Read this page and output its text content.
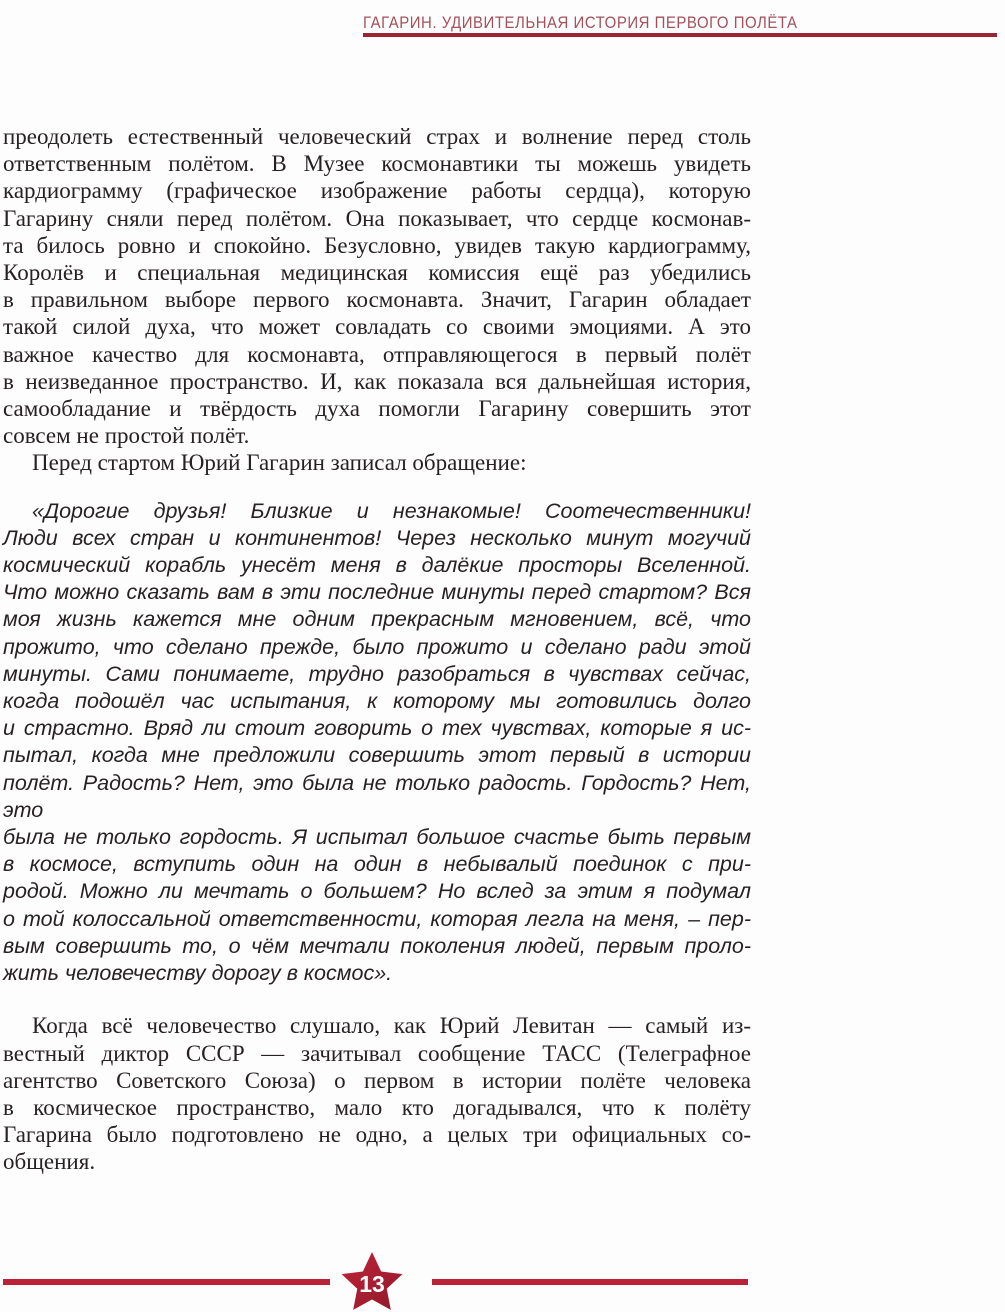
ГАГАРИН. УДИВИТЕЛЬНАЯ ИСТОРИЯ ПЕРВОГО ПОЛЁТА
преодолеть естественный человеческий страх и волнение перед столь
ответственным полётом. В Музее космонавтики ты можешь увидеть
кардиограмму (графическое изображение работы сердца), которую
Гагарину сняли перед полётом. Она показывает, что сердце космонав-
та билось ровно и спокойно. Безусловно, увидев такую кардиограмму,
Королёв и специальная медицинская комиссия ещё раз убедились
в правильном выборе первого космонавта. Значит, Гагарин обладает
такой силой духа, что может совладать со своими эмоциями. А это
важное качество для космонавта, отправляющегося в первый полёт
в неизведанное пространство. И, как показала вся дальнейшая история,
самообладание и твёрдость духа помогли Гагарину совершить этот
совсем не простой полёт.
Перед стартом Юрий Гагарин записал обращение:
«Дорогие друзья! Близкие и незнакомые! Соотечественники!
Люди всех стран и континентов! Через несколько минут могучий
космический корабль унесёт меня в далёкие просторы Вселенной.
Что можно сказать вам в эти последние минуты перед стартом? Вся
моя жизнь кажется мне одним прекрасным мгновением, всё, что
прожито, что сделано прежде, было прожито и сделано ради этой
минуты. Сами понимаете, трудно разобраться в чувствах сейчас,
когда подошёл час испытания, к которому мы готовились долго
и страстно. Вряд ли стоит говорить о тех чувствах, которые я ис-
пытал, когда мне предложили совершить этот первый в истории
полёт. Радость? Нет, это была не только радость. Гордость? Нет, это
была не только гордость. Я испытал большое счастье быть первым
в космосе, вступить один на один в небывалый поединок с при-
родой. Можно ли мечтать о большем? Но вслед за этим я подумал
о той колоссальной ответственности, которая легла на меня, – пер-
вым совершить то, о чём мечтали поколения людей, первым проло-
жить человечеству дорогу в космос».
Когда всё человечество слушало, как Юрий Левитан — самый из-
вестный диктор СССР — зачитывал сообщение ТАСС (Телеграфное
агентство Советского Союза) о первом в истории полёте человека
в космическое пространство, мало кто догадывался, что к полёту
Гагарина было подготовлено не одно, а целых три официальных со-
общения.
13
